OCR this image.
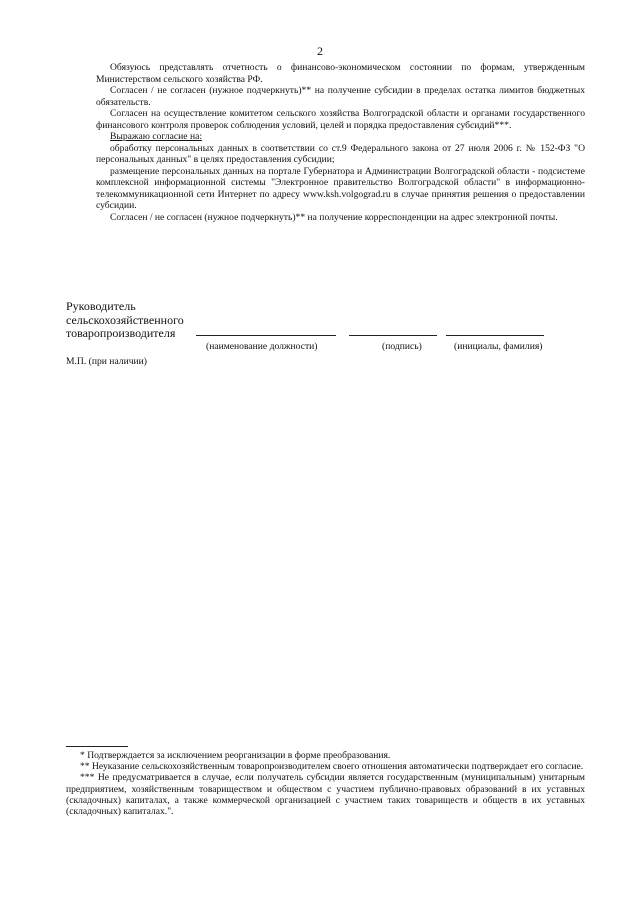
2

Обязуюсь представлять отчетность о финансово-экономическом состоянии по формам, утвержденным Министерством сельского хозяйства РФ.

Согласен / не согласен (нужное подчеркнуть)** на получение субсидии в пределах остатка лимитов бюджетных обязательств.

Согласен на осуществление комитетом сельского хозяйства Волгоградской области и органами государственного финансового контроля проверок соблюдения условий, целей и порядка предоставления субсидий***.

Выражаю согласие на:

обработку персональных данных в соответствии со ст.9 Федерального закона от 27 июля 2006 г. № 152-ФЗ "О персональных данных" в целях предоставления субсидии;

размещение персональных данных на портале Губернатора и Администрации Волгоградской области - подсистеме комплексной информационной системы "Электронное правительство Волгоградской области" в информационно-телекоммуникационной сети Интернет по адресу www.ksh.volgograd.ru в случае принятия решения о предоставлении субсидии.

Согласен / не согласен (нужное подчеркнуть)** на получение корреспонденции на адрес электронной почты.

Руководитель
сельскохозяйственного
товаропроизводителя
(наименование должности)	(подпись)	(инициалы, фамилия)
М.П. (при наличии)

* Подтверждается за исключением реорганизации в форме преобразования.

** Неуказание сельскохозяйственным товаропроизводителем своего отношения автоматически подтверждает его согласие.

*** Не предусматривается в случае, если получатель субсидии является государственным (муниципальным) унитарным предприятием, хозяйственным товариществом и обществом с участием публично-правовых образований в их уставных (складочных) капиталах, а также коммерческой организацией с участием таких товариществ и обществ в их уставных (складочных) капиталах.".
